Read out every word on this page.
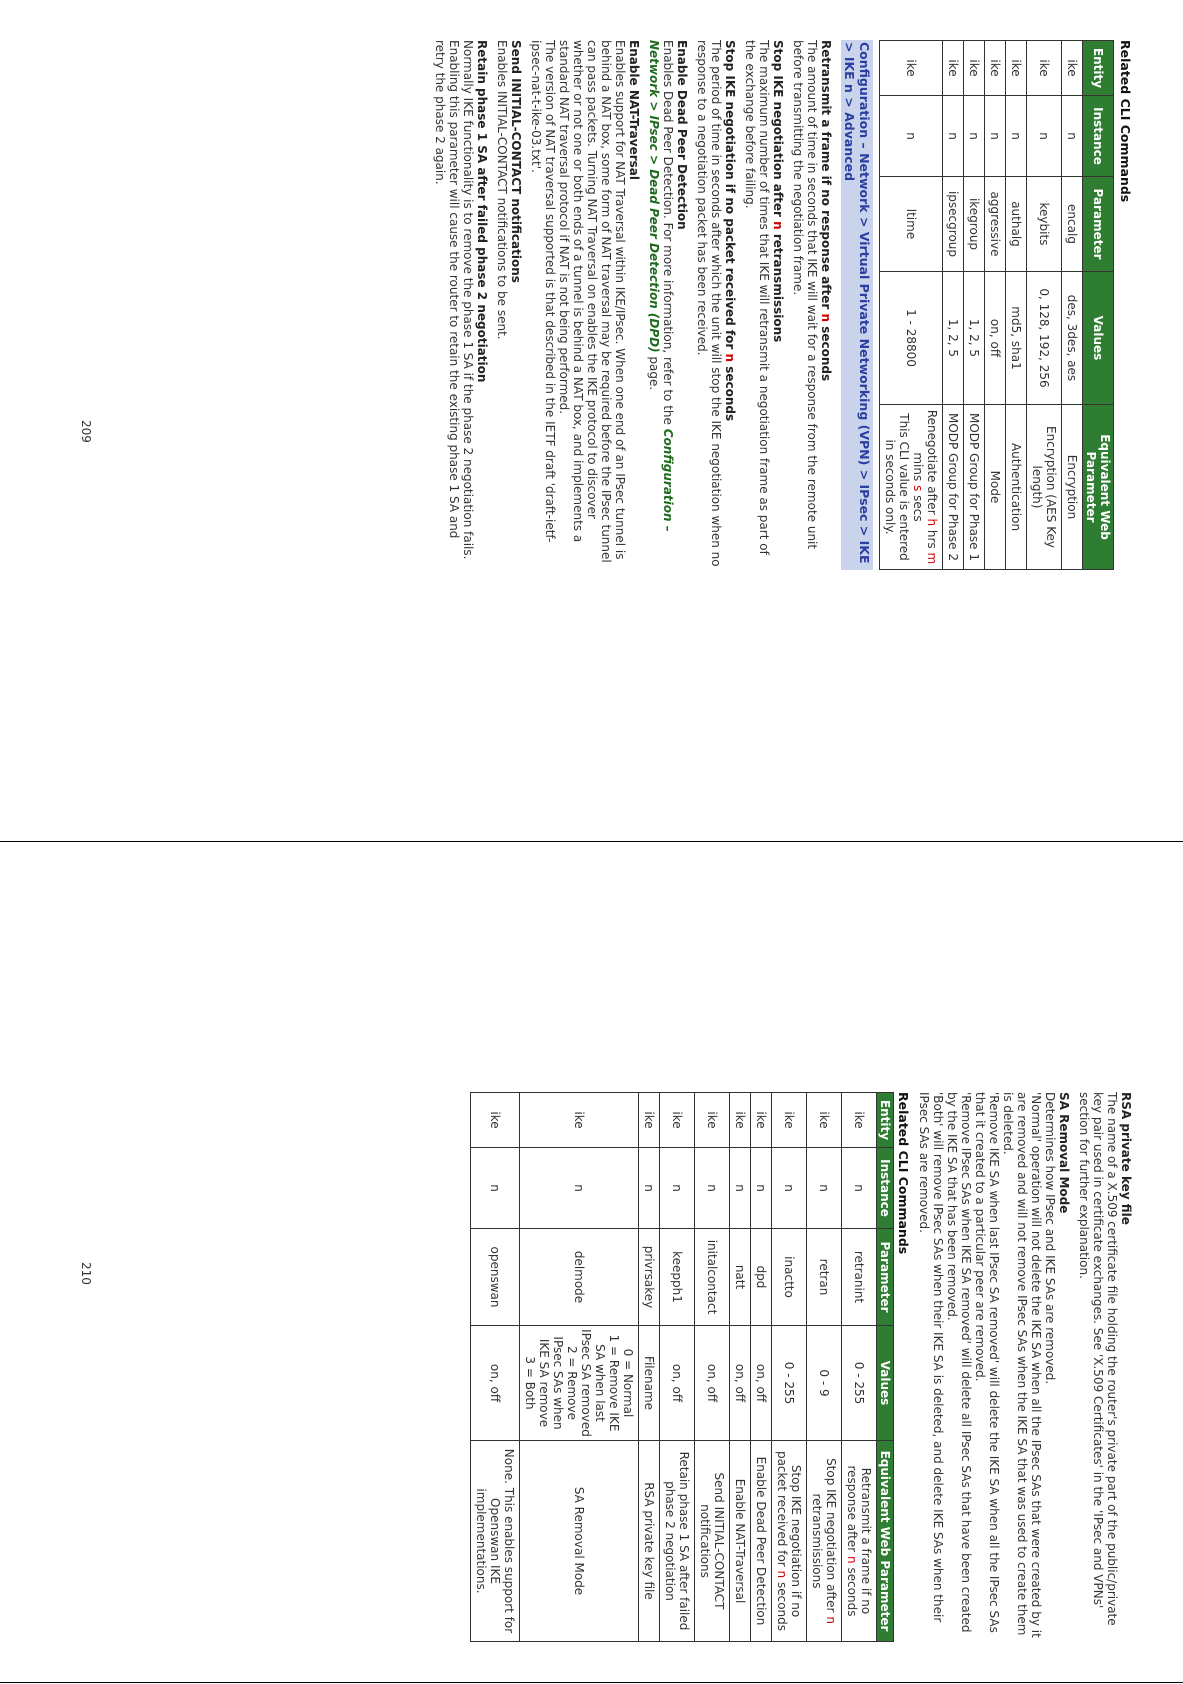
Related CLI Commands
Entity	Instance	Parameter	Values	Equivalent Web Parameter
ike	n	encalg	des, 3des, aes	Encryption
ike	n	keybits	0, 128, 192, 256	Encryption (AES Key length)
ike	n	authalg	md5, sha1	Authentication
ike	n	aggressive	on, off	Mode
ike	n	ikegroup	1, 2, 5	MODP Group for Phase 1
ike	n	ipsecgroup	1, 2, 5	MODP Group for Phase 2
ike	n	ltime	1 - 28800	Renegotiate after h hrs m mins s secs
This CLI value is entered in seconds only.
Configuration – Network > Virtual Private Networking (VPN) > IPsec > IKE > IKE n > Advanced

Retransmit a frame if no response after n seconds
The amount of time in seconds that IKE will wait for a response from the remote unit before transmitting the negotiation frame.

Stop IKE negotiation after n retransmissions
The maximum number of times that IKE will retransmit a negotiation frame as part of the exchange before failing.

Stop IKE negotiation if no packet received for n seconds
The period of time in seconds after which the unit will stop the IKE negotiation when no response to a negotiation packet has been received.

Enable Dead Peer Detection
Enables Dead Peer Detection. For more information, refer to the Configuration – Network > IPsec > Dead Peer Detection (DPD) page.

Enable NAT-Traversal
Enables support for NAT Traversal within IKE/IPsec. When one end of an IPsec tunnel is behind a NAT box, some form of NAT traversal may be required before the IPsec tunnel can pass packets. Turning NAT Traversal on enables the IKE protocol to discover whether or not one or both ends of a tunnel is behind a NAT box, and implements a standard NAT traversal protocol if NAT is not being performed.
The version of NAT traversal supported is that described in the IETF draft 'draft-ietf-ipsec-nat-t-ike-03.txt'.

Send INITIAL-CONTACT notifications
Enables INITIAL-CONTACT notifications to be sent.

Retain phase 1 SA after failed phase 2 negotiation
Normally IKE functionality is to remove the phase 1 SA if the phase 2 negotiation fails. Enabling this parameter will cause the router to retain the existing phase 1 SA and retry the phase 2 again.

209

RSA private key file
The name of a X.509 certificate file holding the router's private part of the public/private key pair used in certificate exchanges. See 'X.509 Certificates' in the 'IPsec and VPNs' section for further explanation.

SA Removal Mode
Determines how IPsec and IKE SAs are removed.
'Normal' operation will not delete the IKE SA when all the IPsec SAs that were created by it are removed and will not remove IPsec SAs when the IKE SA that was used to create them is deleted.
'Remove IKE SA when last IPsec SA removed' will delete the IKE SA when all the IPsec SAs that it created to a particular peer are removed.
'Remove IPsec SAs when IKE SA removed' will delete all IPsec SAs that have been created by the IKE SA that has been removed.
'Both' will remove IPsec SAs when their IKE SA is deleted, and delete IKE SAs when their IPsec SAs are removed.

Related CLI Commands
Entity	Instance	Parameter	Values	Equivalent Web Parameter
ike	n	retranint	0 - 255	Retransmit a frame if no response after n seconds
ike	n	retran	0 - 9	Stop IKE negotiation after n retransmissions
ike	n	inactto	0 - 255	Stop IKE negotiation if no packet received for n seconds
ike	n	dpd	on, off	Enable Dead Peer Detection
ike	n	natt	on, off	Enable NAT-Traversal
ike	n	initalcontact	on, off	Send INITIAL-CONTACT notifications
ike	n	keepph1	on, off	Retain phase 1 SA after failed phase 2 negotiation
ike	n	privrsakey	Filename	RSA private key file
ike	n	delmode	0 = Normal
1 = Remove IKE SA when last IPsec SA removed
2 = Remove IPsec SAs when IKE SA remove
3 = Both	SA Removal Mode
ike	n	openswan	on, off	None. This enables support for Openswan IKE implementations.
210
